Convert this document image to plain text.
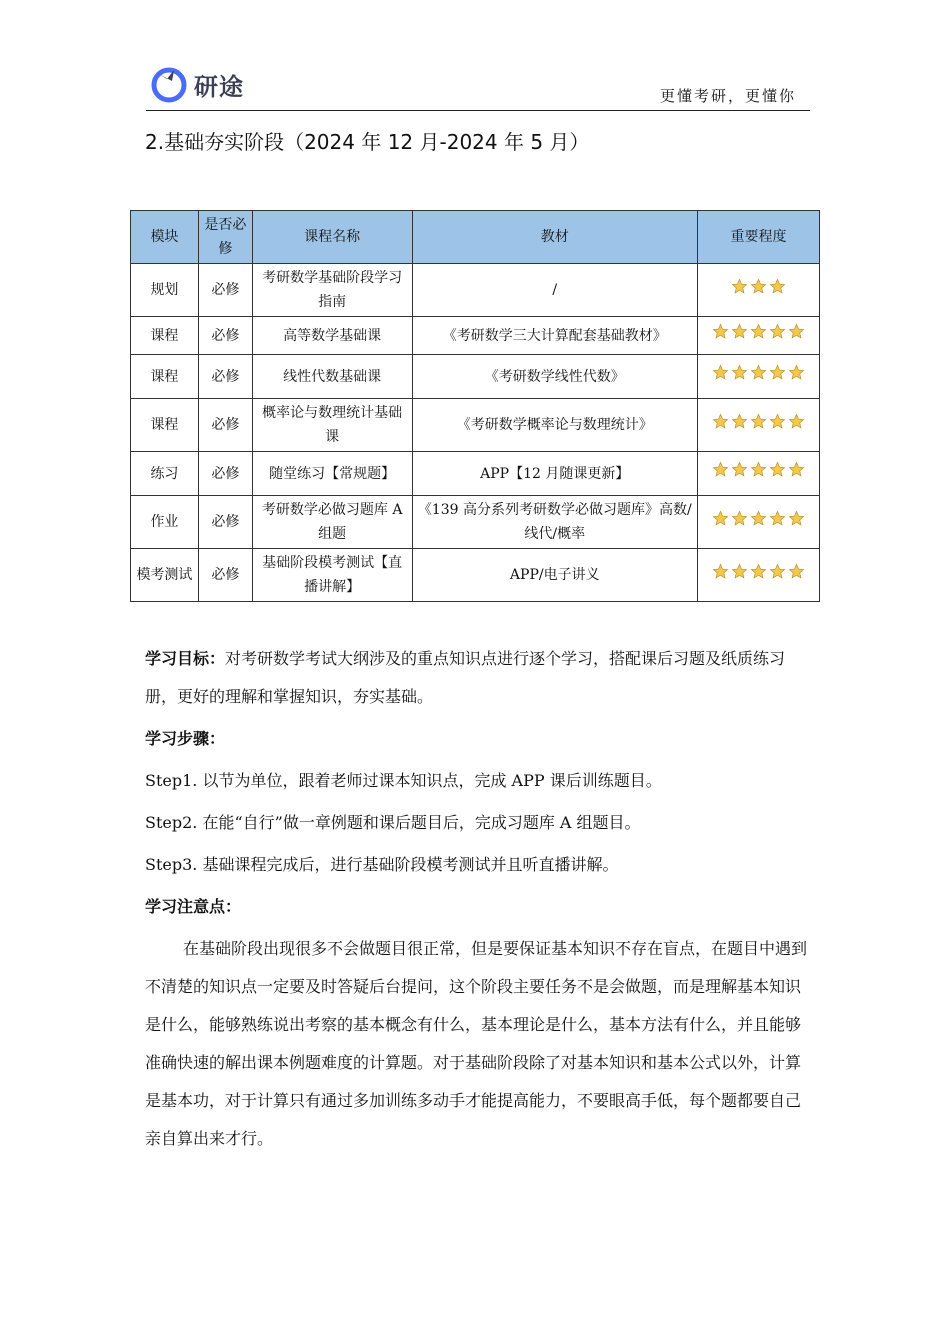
研途	更懂考研，更懂你
2.基础夯实阶段（2024 年 12 月-2024 年 5 月）
模块	是否必修	课程名称	教材	重要程度
规划	必修	考研数学基础阶段学习指南	/	

课程	必修	高等数学基础课	《考研数学三大计算配套基础教材》	

课程	必修	线性代数基础课	《考研数学线性代数》	

课程	必修	概率论与数理统计基础课	《考研数学概率论与数理统计》	

练习	必修	随堂练习【常规题】	APP【12 月随课更新】	

作业	必修	考研数学必做习题库 A 组题	《139 高分系列考研数学必做习题库》高数/线代/概率	

模考测试	必修	基础阶段模考测试【直播讲解】	APP/电子讲义	

学习目标：对考研数学考试大纲涉及的重点知识点进行逐个学习，搭配课后习题及纸质练习册，更好的理解和掌握知识，夯实基础。

学习步骤：

Step1. 以节为单位，跟着老师过课本知识点，完成 APP 课后训练题目。

Step2. 在能“自行”做一章例题和课后题目后，完成习题库 A 组题目。

Step3. 基础课程完成后，进行基础阶段模考测试并且听直播讲解。

学习注意点：

在基础阶段出现很多不会做题目很正常，但是要保证基本知识不存在盲点，在题目中遇到不清楚的知识点一定要及时答疑后台提问，这个阶段主要任务不是会做题，而是理解基本知识是什么，能够熟练说出考察的基本概念有什么，基本理论是什么，基本方法有什么，并且能够准确快速的解出课本例题难度的计算题。对于基础阶段除了对基本知识和基本公式以外，计算是基本功，对于计算只有通过多加训练多动手才能提高能力，不要眼高手低，每个题都要自己亲自算出来才行。
